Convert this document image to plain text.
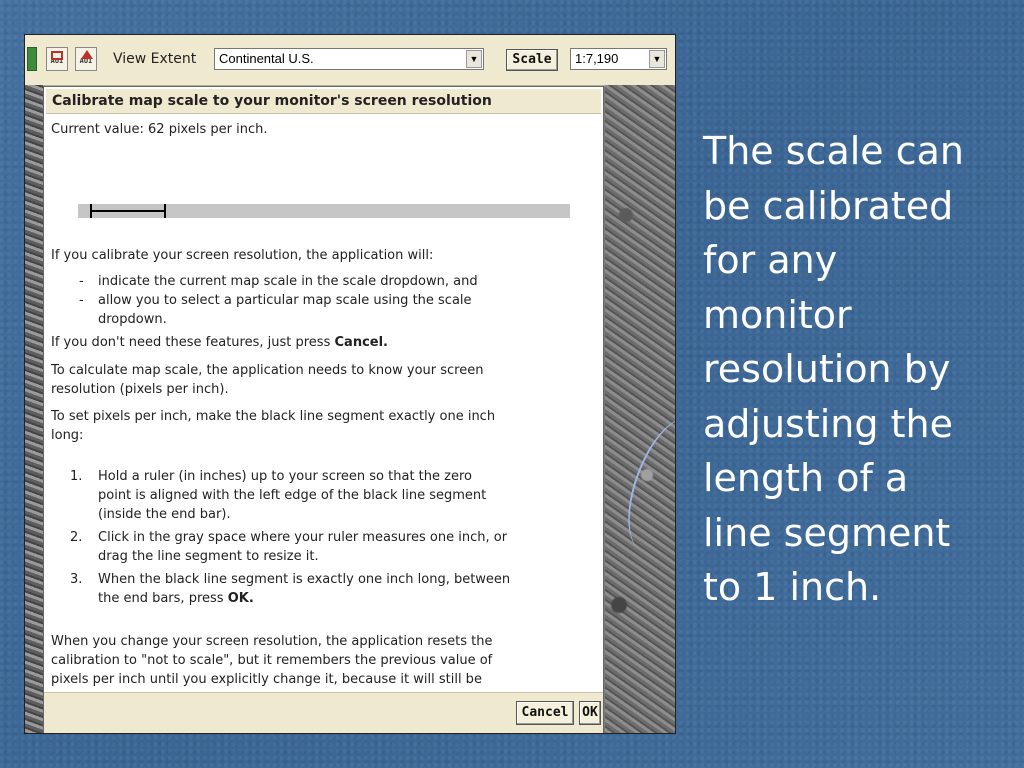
AOI	AOI	View Extent	Continental U.S.	▼	Scale	1:7,190	▼
Calibrate map scale to your monitor's screen resolution
Current value: 62 pixels per inch.
If you calibrate your screen resolution, the application will:
- indicate the current map scale in the scale dropdown, and
- allow you to select a particular map scale using the scale
dropdown.
If you don't need these features, just press Cancel.
To calculate map scale, the application needs to know your screen
resolution (pixels per inch).
To set pixels per inch, make the black line segment exactly one inch
long:
1. Hold a ruler (in inches) up to your screen so that the zero
point is aligned with the left edge of the black line segment
(inside the end bar).
2. Click in the gray space where your ruler measures one inch, or
drag the line segment to resize it.
3. When the black line segment is exactly one inch long, between
the end bars, press OK.
When you change your screen resolution, the application resets the
calibration to "not to scale", but it remembers the previous value of
pixels per inch until you explicitly change it, because it will still be

Cancel	OK
The scale can
be calibrated
for any
monitor
resolution by
adjusting the
length of a
line segment
to 1 inch.
